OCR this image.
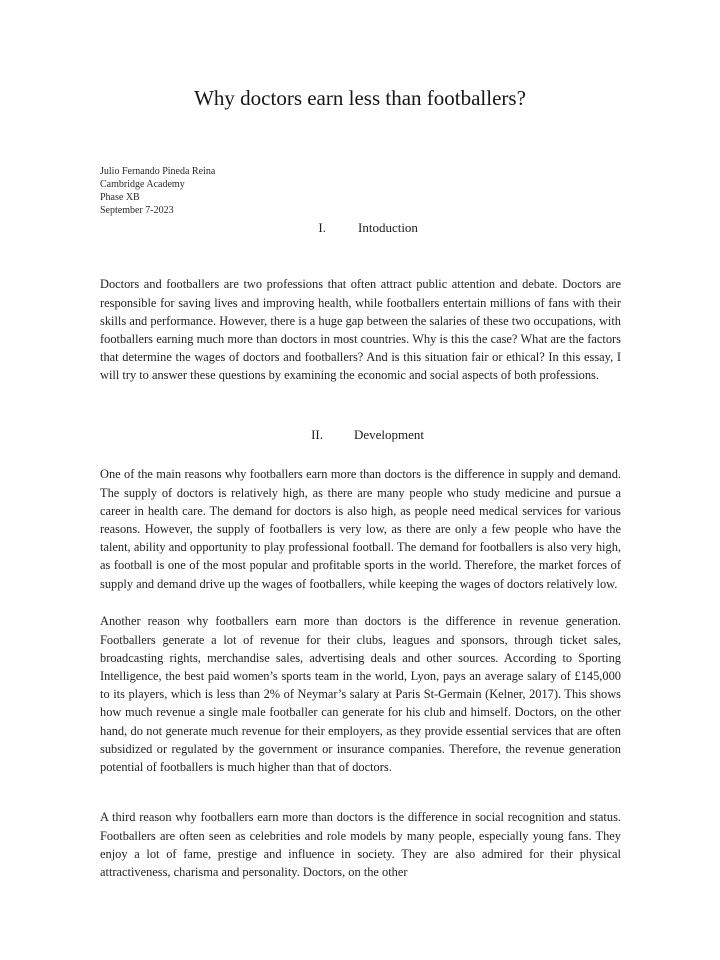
Why doctors earn less than footballers?
Julio Fernando Pineda Reina
Cambridge Academy
Phase XB
September 7-2023
I. Intoduction

Doctors and footballers are two professions that often attract public attention and debate. Doctors are responsible for saving lives and improving health, while footballers entertain millions of fans with their skills and performance. However, there is a huge gap between the salaries of these two occupations, with footballers earning much more than doctors in most countries. Why is this the case? What are the factors that determine the wages of doctors and footballers? And is this situation fair or ethical? In this essay, I will try to answer these questions by examining the economic and social aspects of both professions.

II. Development

One of the main reasons why footballers earn more than doctors is the difference in supply and demand. The supply of doctors is relatively high, as there are many people who study medicine and pursue a career in health care. The demand for doctors is also high, as people need medical services for various reasons. However, the supply of footballers is very low, as there are only a few people who have the talent, ability and opportunity to play professional football. The demand for footballers is also very high, as football is one of the most popular and profitable sports in the world. Therefore, the market forces of supply and demand drive up the wages of footballers, while keeping the wages of doctors relatively low.

Another reason why footballers earn more than doctors is the difference in revenue generation. Footballers generate a lot of revenue for their clubs, leagues and sponsors, through ticket sales, broadcasting rights, merchandise sales, advertising deals and other sources. According to Sporting Intelligence, the best paid women’s sports team in the world, Lyon, pays an average salary of £145,000 to its players, which is less than 2% of Neymar’s salary at Paris St-Germain (Kelner, 2017). This shows how much revenue a single male footballer can generate for his club and himself. Doctors, on the other hand, do not generate much revenue for their employers, as they provide essential services that are often subsidized or regulated by the government or insurance companies. Therefore, the revenue generation potential of footballers is much higher than that of doctors.

A third reason why footballers earn more than doctors is the difference in social recognition and status. Footballers are often seen as celebrities and role models by many people, especially young fans. They enjoy a lot of fame, prestige and influence in society. They are also admired for their physical attractiveness, charisma and personality. Doctors, on the other
